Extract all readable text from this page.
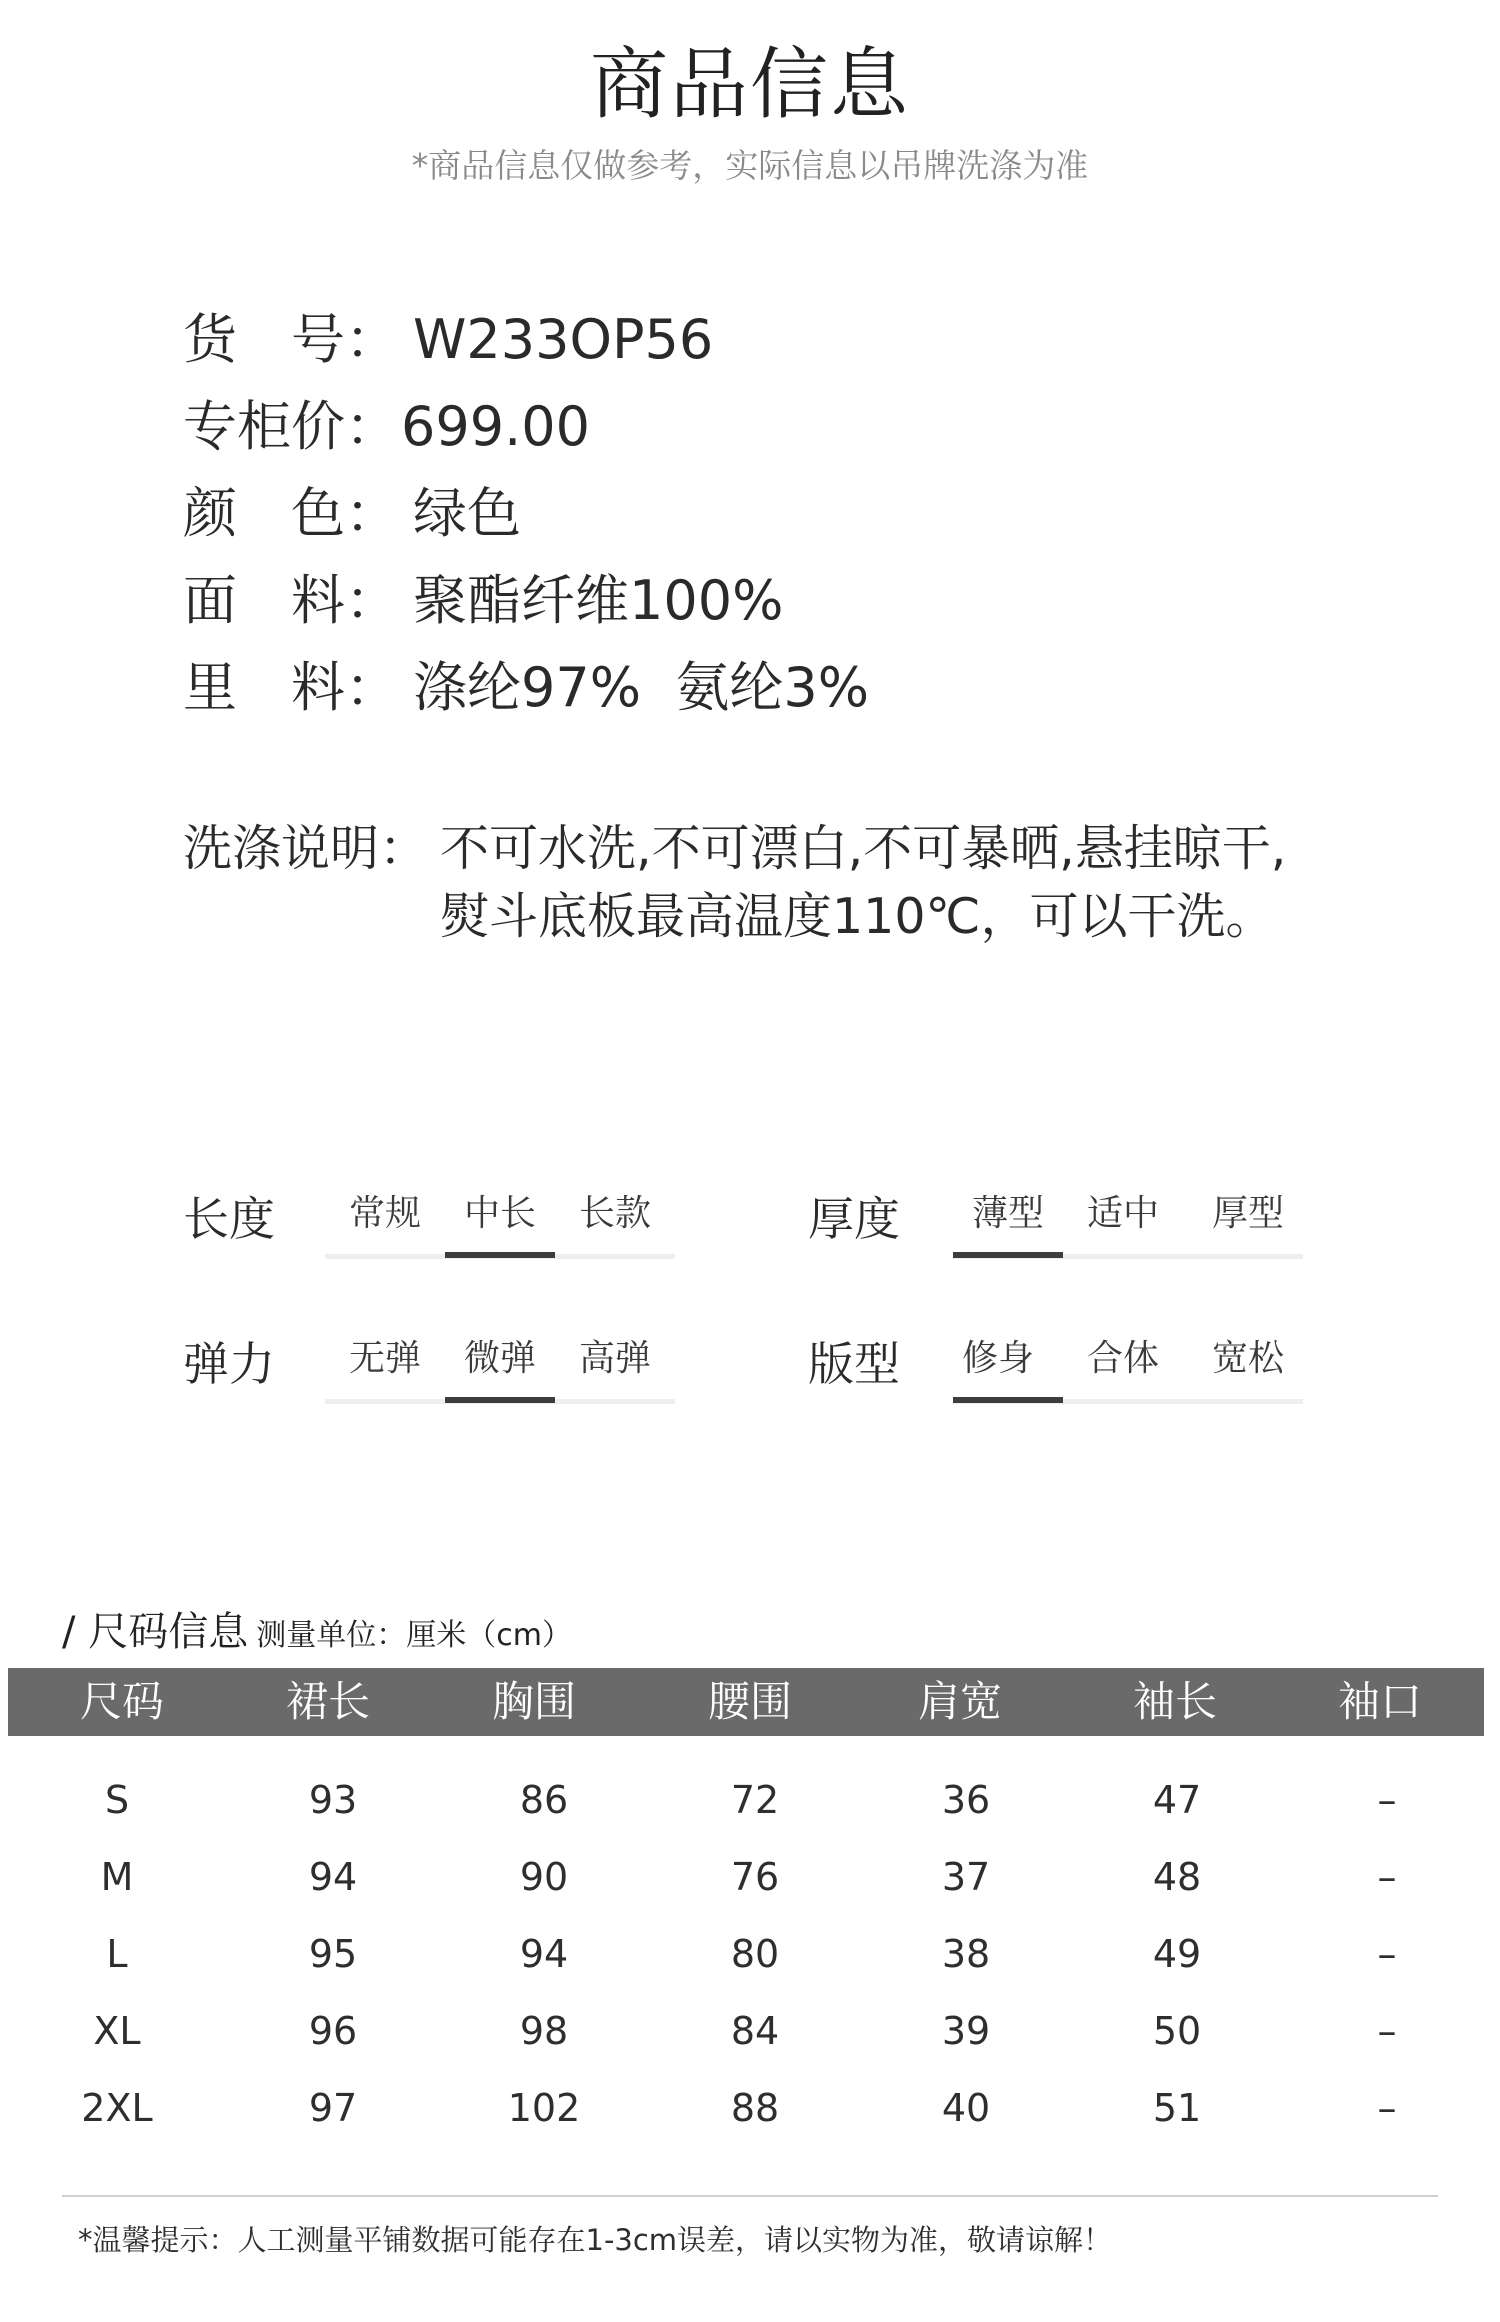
商品信息
*商品信息仅做参考，实际信息以吊牌洗涤为准
货　号： W233OP56
专柜价：699.00
颜　色： 绿色
面　料： 聚酯纤维100%
里　料： 涤纶97%  氨纶3%
洗涤说明： 不可水洗,不可漂白,不可暴晒,悬挂晾干,
熨斗底板最高温度110℃，可以干洗。
长度	常规	中长	长款	厚度	薄型	适中	厚型
弹力	无弹	微弹	高弹	版型	修身	合体	宽松
/ 尺码信息 测量单位：厘米（cm）
尺码	裙长	胸围	腰围	肩宽	袖长	袖口
S	93	86	72	36	47	–
M	94	90	76	37	48	–
L	95	94	80	38	49	–
XL	96	98	84	39	50	–
2XL	97	102	88	40	51	–
*温馨提示：人工测量平铺数据可能存在1-3cm误差，请以实物为准，敬请谅解！
